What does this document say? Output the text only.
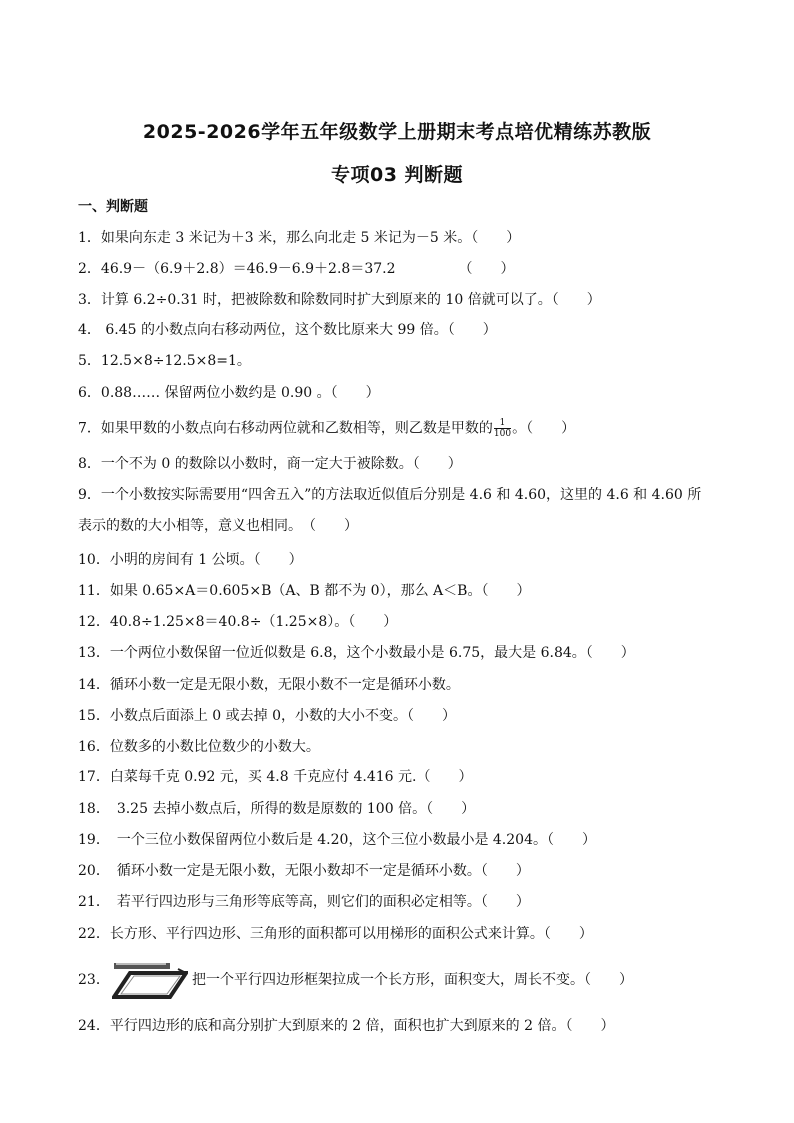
2025-2026学年五年级数学上册期末考点培优精练苏教版
专项03 判断题
一、判断题
1．如果向东走 3 米记为＋3 米，那么向北走 5 米记为－5 米。（　　）
2．46.9－（6.9＋2.8）＝46.9－6.9＋2.8＝37.2　　　　　（　　）
3．计算 6.2÷0.31 时，把被除数和除数同时扩大到原来的 10 倍就可以了。（　　）
4． 6.45 的小数点向右移动两位，这个数比原来大 99 倍。（　　）
5．12.5×8÷12.5×8=1。
6．0.88…… 保留两位小数约是 0.90 。（　　）
7．如果甲数的小数点向右移动两位就和乙数相等，则乙数是甲数的 $\frac{1}{100}$ 。（　　）
8．一个不为 0 的数除以小数时，商一定大于被除数。（　　）
9．一个小数按实际需要用“四舍五入”的方法取近似值后分别是 4.6 和 4.60，这里的 4.6 和 4.60 所表示的数的大小相等，意义也相同。　（　　）
10．小明的房间有 1 公顷。（　　）
11．如果 0.65×A＝0.605×B（A、B 都不为 0），那么 A＜B。（　　）
12．40.8÷1.25×8＝40.8÷（1.25×8）。（　　）
13．一个两位小数保留一位近似数是 6.8，这个小数最小是 6.75，最大是 6.84。（　　）
14．循环小数一定是无限小数，无限小数不一定是循环小数。
15．小数点后面添上 0 或去掉 0，小数的大小不变。（　　）
16．位数多的小数比位数少的小数大。
17．白菜每千克 0.92 元，买 4.8 千克应付 4.416 元.（　　）
18．　3.25 去掉小数点后，所得的数是原数的 100 倍。（　　）
19．　一个三位小数保留两位小数后是 4.20，这个三位小数最小是 4.204。（　　）
20．　循环小数一定是无限小数，无限小数却不一定是循环小数。（　　）
21．　若平行四边形与三角形等底等高，则它们的面积必定相等。（　　）
22．长方形、平行四边形、三角形的面积都可以用梯形的面积公式来计算。（　　）
23．	把一个平行四边形框架拉成一个长方形，面积变大，周长不变。（　　）
24．平行四边形的底和高分别扩大到原来的 2 倍，面积也扩大到原来的 2 倍。（　　）
